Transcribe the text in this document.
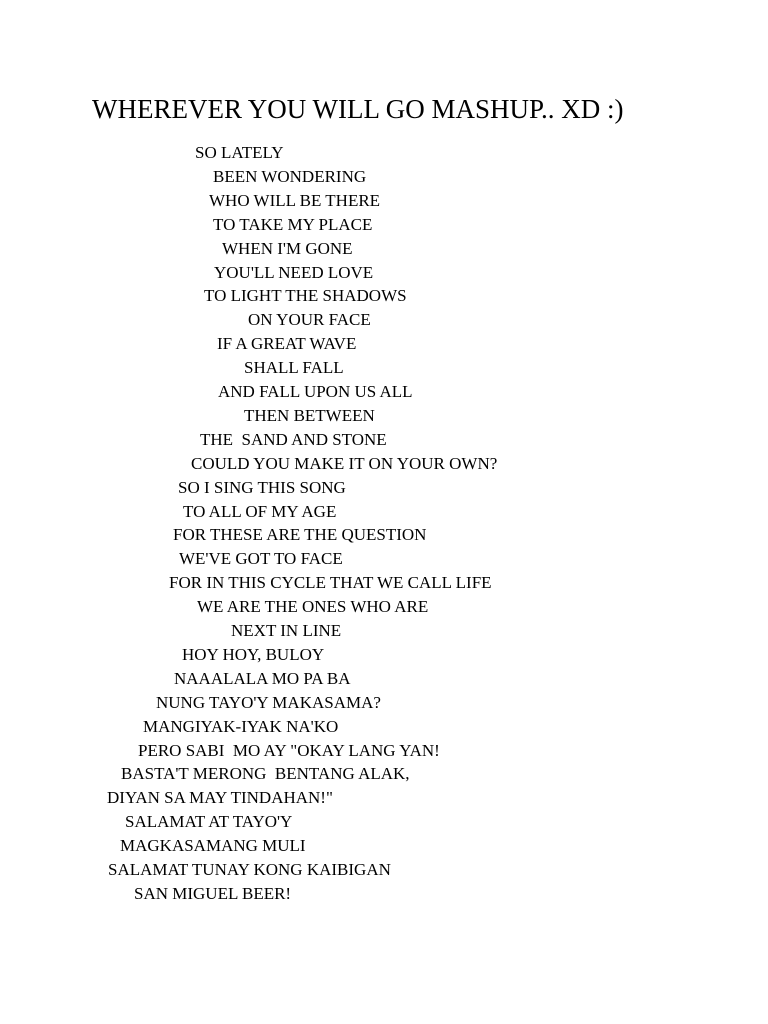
WHEREVER YOU WILL GO MASHUP.. XD :)
SO LATELY
BEEN WONDERING
WHO WILL BE THERE
TO TAKE MY PLACE
WHEN I'M GONE
YOU'LL NEED LOVE
TO LIGHT THE SHADOWS
ON YOUR FACE
IF A GREAT WAVE
SHALL FALL
AND FALL UPON US ALL
THEN BETWEEN
THE  SAND AND STONE
COULD YOU MAKE IT ON YOUR OWN?
SO I SING THIS SONG
TO ALL OF MY AGE
FOR THESE ARE THE QUESTION
WE'VE GOT TO FACE
FOR IN THIS CYCLE THAT WE CALL LIFE
WE ARE THE ONES WHO ARE
NEXT IN LINE
HOY HOY, BULOY
NAAALALA MO PA BA
NUNG TAYO'Y MAKASAMA?
MANGIYAK-IYAK NA'KO
PERO SABI  MO AY "OKAY LANG YAN!
BASTA'T MERONG  BENTANG ALAK,
DIYAN SA MAY TINDAHAN!"
SALAMAT AT TAYO'Y
MAGKASAMANG MULI
SALAMAT TUNAY KONG KAIBIGAN
SAN MIGUEL BEER!
